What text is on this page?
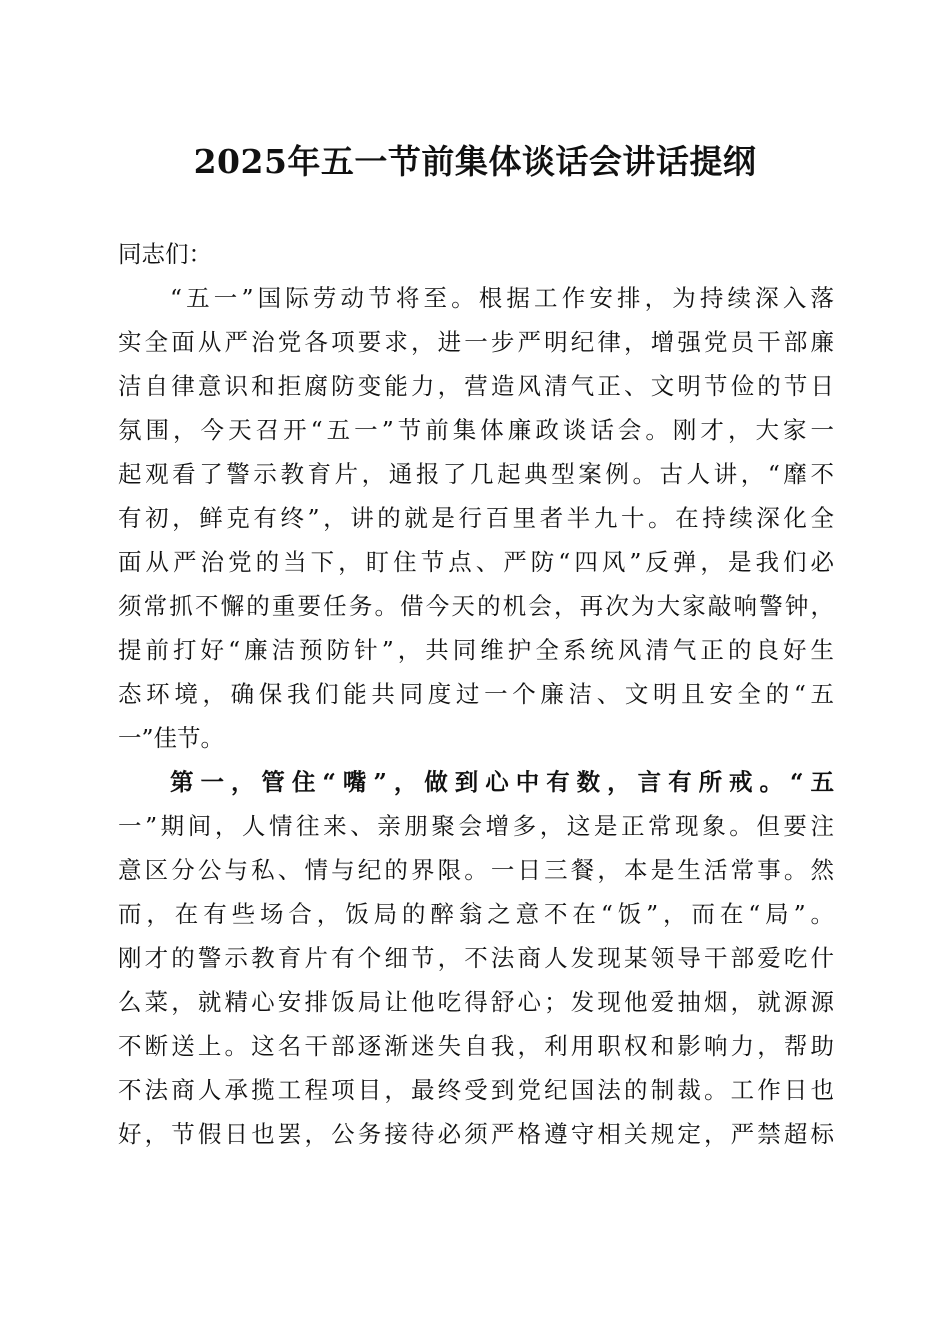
2025年五一节前集体谈话会讲话提纲
同志们：
“五一”国际劳动节将至。根据工作安排，为持续深入落
实全面从严治党各项要求，进一步严明纪律，增强党员干部廉
洁自律意识和拒腐防变能力，营造风清气正、文明节俭的节日
氛围，今天召开“五一”节前集体廉政谈话会。刚才，大家一
起观看了警示教育片，通报了几起典型案例。古人讲，“靡不
有初，鲜克有终”，讲的就是行百里者半九十。在持续深化全
面从严治党的当下，盯住节点、严防“四风”反弹，是我们必
须常抓不懈的重要任务。借今天的机会，再次为大家敲响警钟，
提前打好“廉洁预防针”，共同维护全系统风清气正的良好生
态环境，确保我们能共同度过一个廉洁、文明且安全的“五
一”佳节。
第一，管住“嘴”，做到心中有数，言有所戒。“五
一”期间，人情往来、亲朋聚会增多，这是正常现象。但要注
意区分公与私、情与纪的界限。一日三餐，本是生活常事。然
而，在有些场合，饭局的醉翁之意不在“饭”，而在“局”。
刚才的警示教育片有个细节，不法商人发现某领导干部爱吃什
么菜，就精心安排饭局让他吃得舒心；发现他爱抽烟，就源源
不断送上。这名干部逐渐迷失自我，利用职权和影响力，帮助
不法商人承揽工程项目，最终受到党纪国法的制裁。工作日也
好，节假日也罢，公务接待必须严格遵守相关规定，严禁超标
